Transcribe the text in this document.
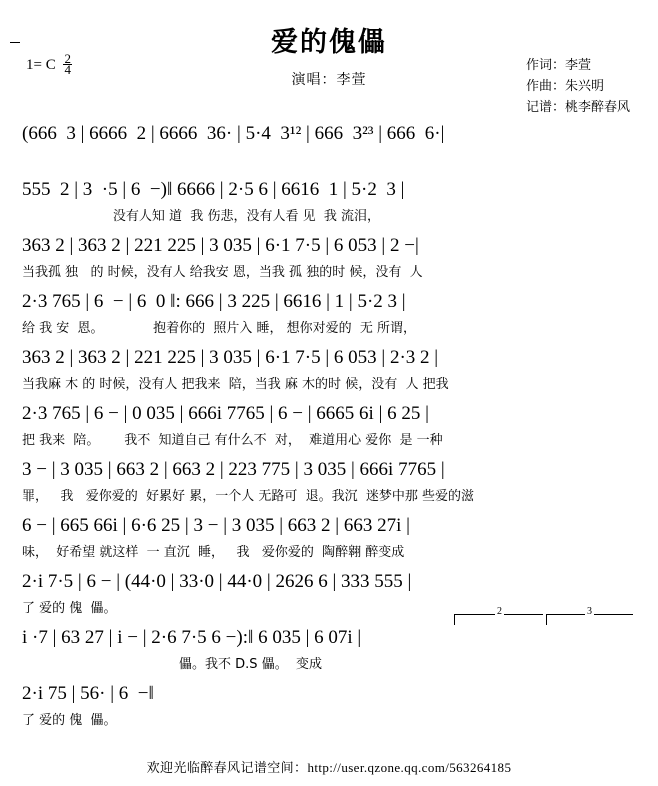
爱的傀儡
演唱：李萱
1= C $\frac{2}{4}$	作词：李萱
作曲：朱兴明
记谱：桃李醉春风
(666  3 | 6666  2 | 6666  36· | 5·4  3¹² | 666  3²³ | 666  6·|
555  2 | 3  ·5 | 6  −)‖ 6666 | 2·5 6 | 6616  1 | 5·2  3 |
没有人知 道  我 伤悲，没有人看 见  我 流泪，
363 2 | 363 2 | 221 225 | 3 035 | 6·1 7·5 | 6 053 | 2 −|
当我孤 独   的 时候，没有人 给我安 恩，当我 孤 独的时 候，没有  人
2·3 765 | 6  − | 6  0 ‖: 666 | 3 225 | 6616 | 1 | 5·2 3 |
给 我 安  恩。            抱着你的  照片入 睡， 想你对爱的  无 所谓，
363 2 | 363 2 | 221 225 | 3 035 | 6·1 7·5 | 6 053 | 2·3 2 |
当我麻 木 的 时候，没有人 把我来  陪，当我 麻 木的时 候，没有  人 把我
2·3 765 | 6 − | 0 035 | 666i 7765 | 6 − | 6665 6i | 6 25 |
把 我来  陪。      我不  知道自己 有什么不  对，  难道用心 爱你  是 一种
3 − | 3 035 | 663 2 | 663 2 | 223 775 | 3 035 | 666i 7765 |
罪，   我   爱你爱的  好累好 累，一个人 无路可  退。我沉  迷梦中那 些爱的滋
6 − | 665 66i | 6·6 25 | 3 − | 3 035 | 663 2 | 663 27i |
味，  好希望 就这样  一 直沉  睡，   我   爱你爱的  陶醉翱 醉变成
2·i 7·5 | 6 − | (44·0 | 33·0 | 44·0 | 2626 6 | 333 555 |
了 爱的 傀  儡。	2	3
i ·7 | 63 27 | i − | 2·6 7·5 6 −):‖ 6 035 | 6 07i |
儡。我不 D.S 儡。  变成
2·i 75 | 56· | 6  −‖
了 爱的 傀  儡。
欢迎光临醉春风记谱空间：http://user.qzone.qq.com/563264185
